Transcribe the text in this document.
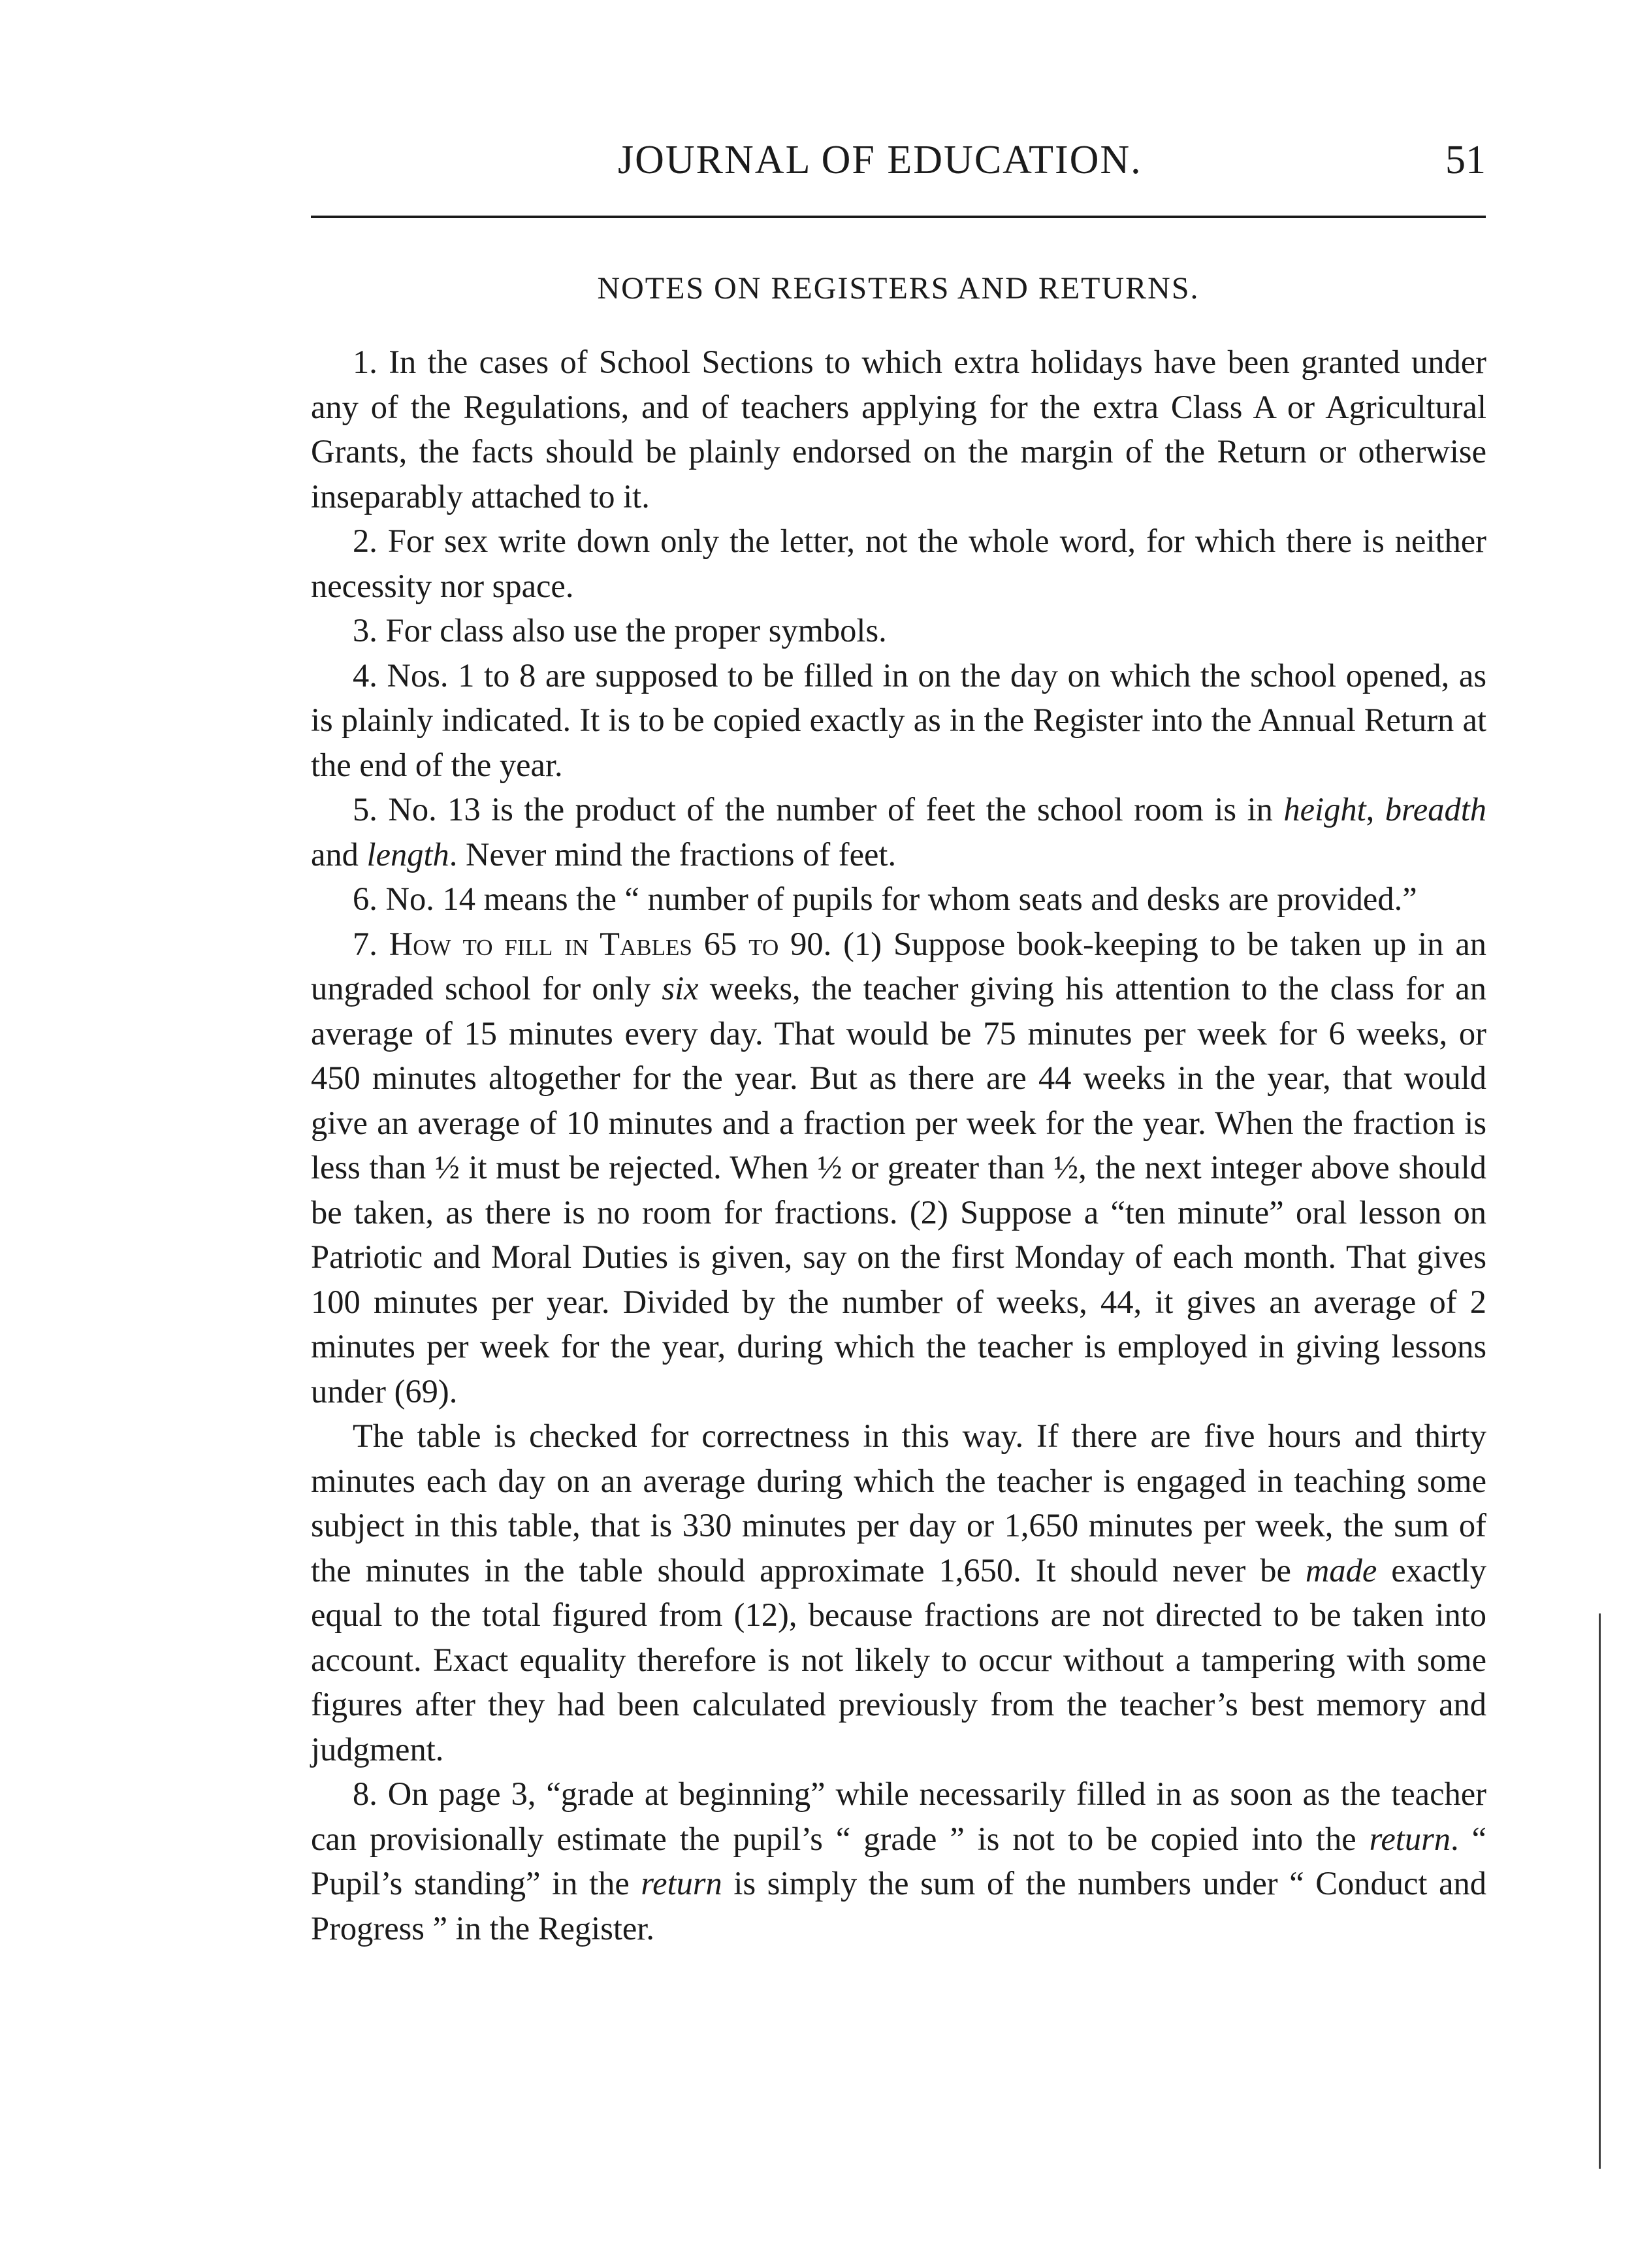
JOURNAL OF EDUCATION.	51
NOTES ON REGISTERS AND RETURNS.

1. In the cases of School Sections to which extra holidays have been granted under any of the Regulations, and of teachers applying for the extra Class A or Agricultural Grants, the facts should be plainly endorsed on the margin of the Return or otherwise inseparably attached to it.

2. For sex write down only the letter, not the whole word, for which there is neither necessity nor space.

3. For class also use the proper symbols.

4. Nos. 1 to 8 are supposed to be filled in on the day on which the school opened, as is plainly indicated. It is to be copied exactly as in the Register into the Annual Return at the end of the year.

5. No. 13 is the product of the number of feet the school room is in height, breadth and length. Never mind the fractions of feet.

6. No. 14 means the “ number of pupils for whom seats and desks are provided.”

7. How to fill in Tables 65 to 90. (1) Suppose book-keeping to be taken up in an ungraded school for only six weeks, the teacher giving his attention to the class for an average of 15 minutes every day. That would be 75 minutes per week for 6 weeks, or 450 minutes altogether for the year. But as there are 44 weeks in the year, that would give an average of 10 minutes and a fraction per week for the year. When the fraction is less than ½ it must be rejected. When ½ or greater than ½, the next integer above should be taken, as there is no room for fractions. (2) Suppose a “ten minute” oral lesson on Patriotic and Moral Duties is given, say on the first Monday of each month. That gives 100 minutes per year. Divided by the number of weeks, 44, it gives an average of 2 minutes per week for the year, during which the teacher is employed in giving lessons under (69).

The table is checked for correctness in this way. If there are five hours and thirty minutes each day on an average during which the teacher is engaged in teaching some subject in this table, that is 330 minutes per day or 1,650 minutes per week, the sum of the minutes in the table should approximate 1,650. It should never be made exactly equal to the total figured from (12), because fractions are not directed to be taken into account. Exact equality therefore is not likely to occur without a tampering with some figures after they had been calculated previously from the teacher’s best memory and judgment.

8. On page 3, “grade at beginning” while necessarily filled in as soon as the teacher can provisionally estimate the pupil’s “ grade ” is not to be copied into the return. “ Pupil’s standing” in the return is simply the sum of the numbers under “ Conduct and Progress ” in the Register.
